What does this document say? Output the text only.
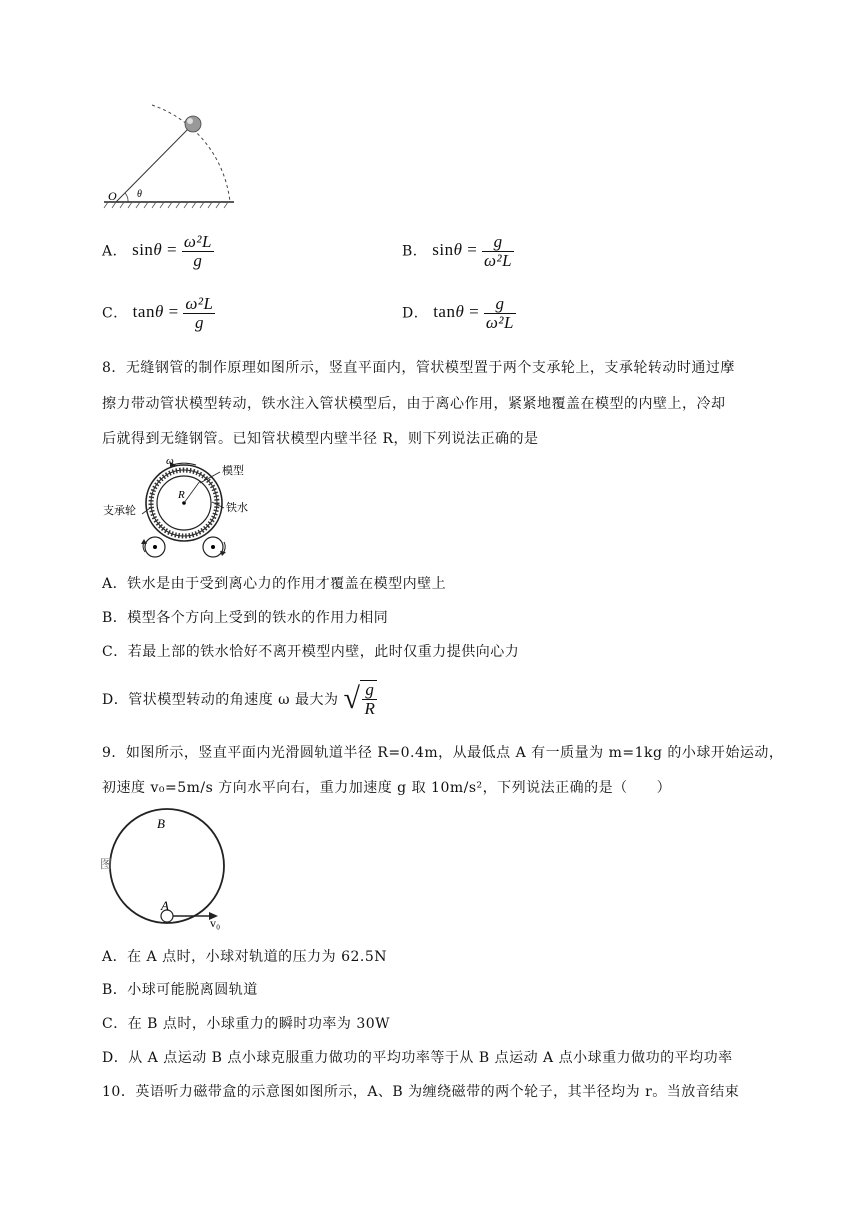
O θ
A． $\sin\theta = \frac{\text{ω²L}}{g}$	B． $\sin\theta = \frac{g}{\text{ω²L}}$
C． $\tan\theta = \frac{\text{ω²L}}{g}$	D． $\tan\theta = \frac{g}{\text{ω²L}}$
8．无缝钢管的制作原理如图所示，竖直平面内，管状模型置于两个支承轮上，支承轮转动时通过摩
擦力带动管状模型转动，铁水注入管状模型后，由于离心作用，紧紧地覆盖在模型的内壁上，冷却
后就得到无缝钢管。已知管状模型内壁半径 R，则下列说法正确的是
R
ω
模型
铁水
支承轮
A．铁水是由于受到离心力的作用才覆盖在模型内壁上
B．模型各个方向上受到的铁水的作用力相同
C．若最上部的铁水恰好不离开模型内壁，此时仅重力提供向心力
D．管状模型转动的角速度 ω 最大为 √ $\frac{g}{R}$
9．如图所示，竖直平面内光滑圆轨道半径 R=0.4m，从最低点 A 有一质量为 m=1kg 的小球开始运动，
初速度 v₀=5m/s 方向水平向右，重力加速度 g 取 10m/s²，下列说法正确的是（　　）
B
A
v₀
图
A．在 A 点时，小球对轨道的压力为 62.5N
B．小球可能脱离圆轨道
C．在 B 点时，小球重力的瞬时功率为 30W
D．从 A 点运动 B 点小球克服重力做功的平均功率等于从 B 点运动 A 点小球重力做功的平均功率
10．英语听力磁带盒的示意图如图所示，A、B 为缠绕磁带的两个轮子，其半径均为 r。当放音结束
